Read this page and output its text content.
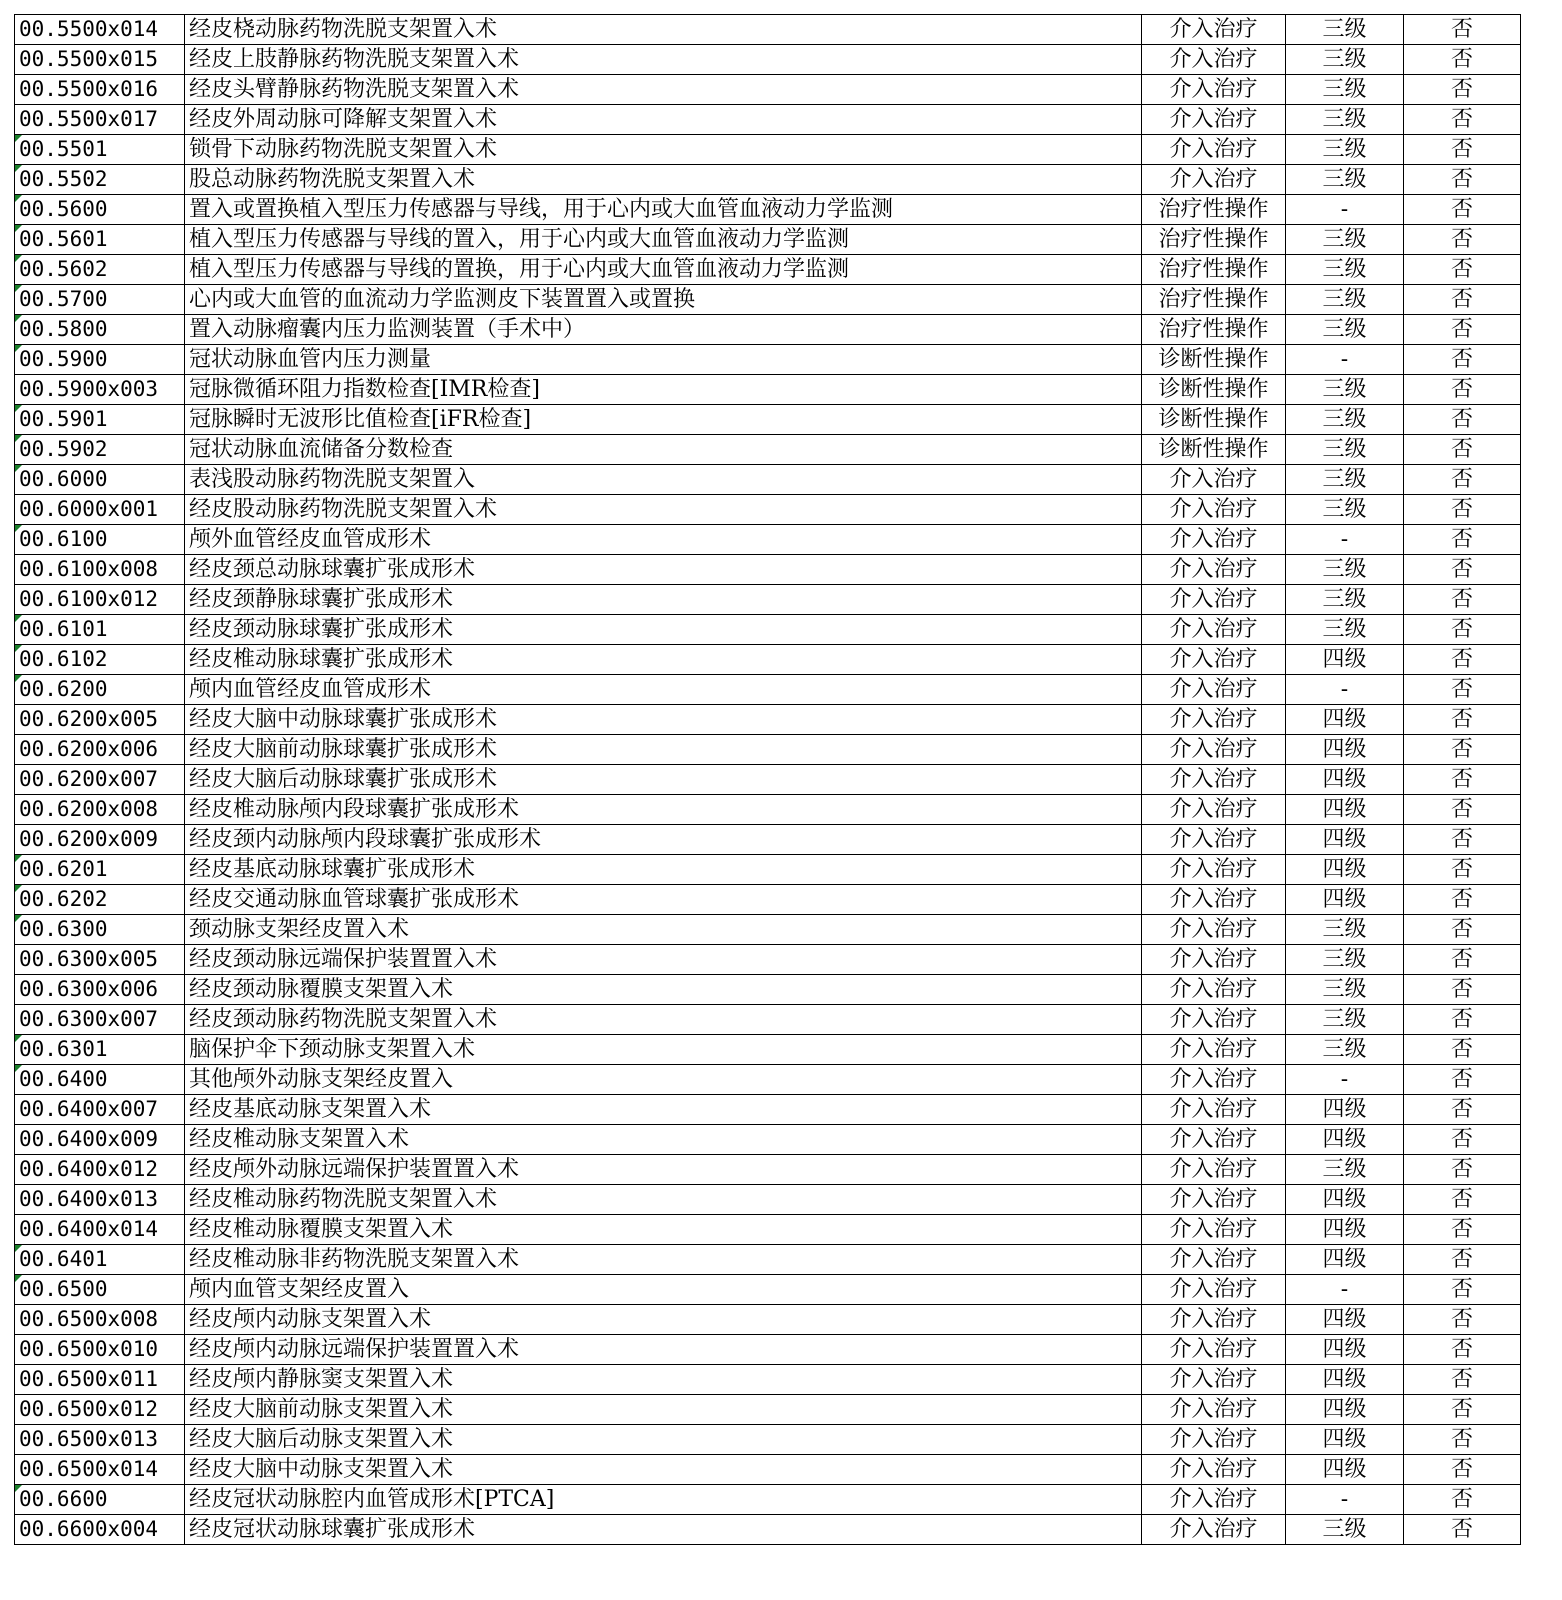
00.5500x014	经皮桡动脉药物洗脱支架置入术	介入治疗	三级	否
00.5500x015	经皮上肢静脉药物洗脱支架置入术	介入治疗	三级	否
00.5500x016	经皮头臂静脉药物洗脱支架置入术	介入治疗	三级	否
00.5500x017	经皮外周动脉可降解支架置入术	介入治疗	三级	否
00.5501	锁骨下动脉药物洗脱支架置入术	介入治疗	三级	否
00.5502	股总动脉药物洗脱支架置入术	介入治疗	三级	否
00.5600	置入或置换植入型压力传感器与导线，用于心内或大血管血液动力学监测	治疗性操作	-	否
00.5601	植入型压力传感器与导线的置入，用于心内或大血管血液动力学监测	治疗性操作	三级	否
00.5602	植入型压力传感器与导线的置换，用于心内或大血管血液动力学监测	治疗性操作	三级	否
00.5700	心内或大血管的血流动力学监测皮下装置置入或置换	治疗性操作	三级	否
00.5800	置入动脉瘤囊内压力监测装置（手术中）	治疗性操作	三级	否
00.5900	冠状动脉血管内压力测量	诊断性操作	-	否
00.5900x003	冠脉微循环阻力指数检查[IMR检查]	诊断性操作	三级	否
00.5901	冠脉瞬时无波形比值检查[iFR检查]	诊断性操作	三级	否
00.5902	冠状动脉血流储备分数检查	诊断性操作	三级	否
00.6000	表浅股动脉药物洗脱支架置入	介入治疗	三级	否
00.6000x001	经皮股动脉药物洗脱支架置入术	介入治疗	三级	否
00.6100	颅外血管经皮血管成形术	介入治疗	-	否
00.6100x008	经皮颈总动脉球囊扩张成形术	介入治疗	三级	否
00.6100x012	经皮颈静脉球囊扩张成形术	介入治疗	三级	否
00.6101	经皮颈动脉球囊扩张成形术	介入治疗	三级	否
00.6102	经皮椎动脉球囊扩张成形术	介入治疗	四级	否
00.6200	颅内血管经皮血管成形术	介入治疗	-	否
00.6200x005	经皮大脑中动脉球囊扩张成形术	介入治疗	四级	否
00.6200x006	经皮大脑前动脉球囊扩张成形术	介入治疗	四级	否
00.6200x007	经皮大脑后动脉球囊扩张成形术	介入治疗	四级	否
00.6200x008	经皮椎动脉颅内段球囊扩张成形术	介入治疗	四级	否
00.6200x009	经皮颈内动脉颅内段球囊扩张成形术	介入治疗	四级	否
00.6201	经皮基底动脉球囊扩张成形术	介入治疗	四级	否
00.6202	经皮交通动脉血管球囊扩张成形术	介入治疗	四级	否
00.6300	颈动脉支架经皮置入术	介入治疗	三级	否
00.6300x005	经皮颈动脉远端保护装置置入术	介入治疗	三级	否
00.6300x006	经皮颈动脉覆膜支架置入术	介入治疗	三级	否
00.6300x007	经皮颈动脉药物洗脱支架置入术	介入治疗	三级	否
00.6301	脑保护伞下颈动脉支架置入术	介入治疗	三级	否
00.6400	其他颅外动脉支架经皮置入	介入治疗	-	否
00.6400x007	经皮基底动脉支架置入术	介入治疗	四级	否
00.6400x009	经皮椎动脉支架置入术	介入治疗	四级	否
00.6400x012	经皮颅外动脉远端保护装置置入术	介入治疗	三级	否
00.6400x013	经皮椎动脉药物洗脱支架置入术	介入治疗	四级	否
00.6400x014	经皮椎动脉覆膜支架置入术	介入治疗	四级	否
00.6401	经皮椎动脉非药物洗脱支架置入术	介入治疗	四级	否
00.6500	颅内血管支架经皮置入	介入治疗	-	否
00.6500x008	经皮颅内动脉支架置入术	介入治疗	四级	否
00.6500x010	经皮颅内动脉远端保护装置置入术	介入治疗	四级	否
00.6500x011	经皮颅内静脉窦支架置入术	介入治疗	四级	否
00.6500x012	经皮大脑前动脉支架置入术	介入治疗	四级	否
00.6500x013	经皮大脑后动脉支架置入术	介入治疗	四级	否
00.6500x014	经皮大脑中动脉支架置入术	介入治疗	四级	否
00.6600	经皮冠状动脉腔内血管成形术[PTCA]	介入治疗	-	否
00.6600x004	经皮冠状动脉球囊扩张成形术	介入治疗	三级	否
